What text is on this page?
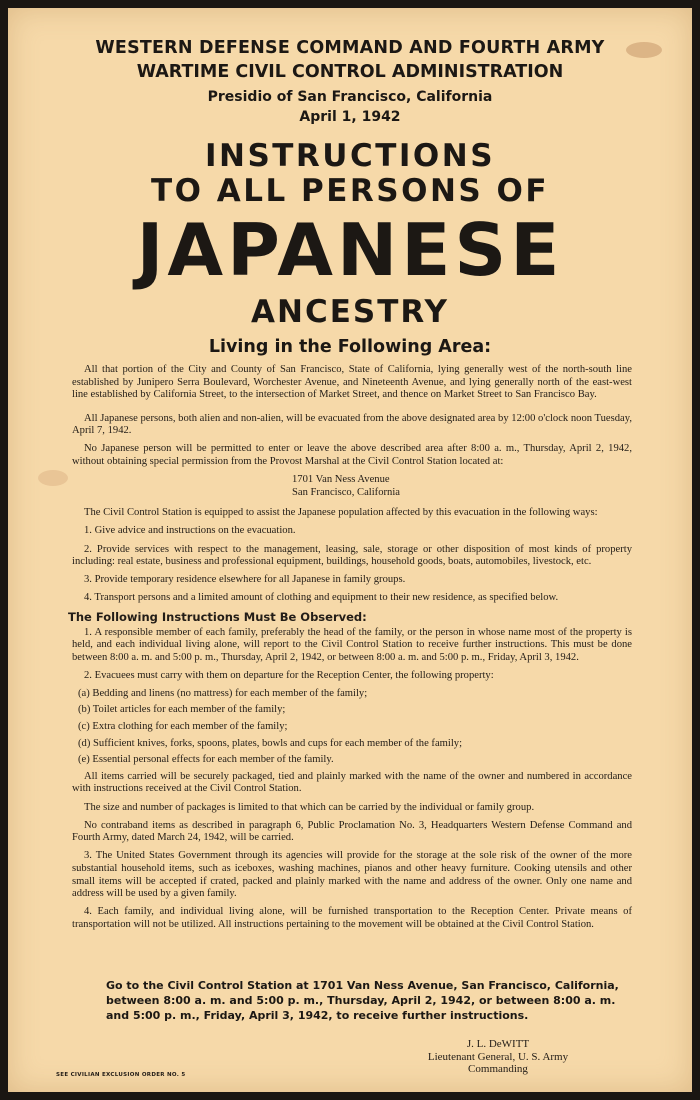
WESTERN DEFENSE COMMAND AND FOURTH ARMY
WARTIME CIVIL CONTROL ADMINISTRATION
Presidio of San Francisco, California
April 1, 1942
INSTRUCTIONS
TO ALL PERSONS OF
JAPANESE
ANCESTRY
Living in the Following Area:

All that portion of the City and County of San Francisco, State of California, lying generally west of the north-south line established by Junipero Serra Boulevard, Worchester Avenue, and Nineteenth Avenue, and lying generally north of the east-west line established by California Street, to the intersection of Market Street, and thence on Market Street to San Francisco Bay.

All Japanese persons, both alien and non-alien, will be evacuated from the above designated area by 12:00 o'clock noon Tuesday, April 7, 1942.

No Japanese person will be permitted to enter or leave the above described area after 8:00 a. m., Thursday, April 2, 1942, without obtaining special permission from the Provost Marshal at the Civil Control Station located at:

1701 Van Ness Avenue
San Francisco, California

The Civil Control Station is equipped to assist the Japanese population affected by this evacuation in the following ways:

1. Give advice and instructions on the evacuation.

2. Provide services with respect to the management, leasing, sale, storage or other disposition of most kinds of property including: real estate, business and professional equipment, buildings, household goods, boats, automobiles, livestock, etc.

3. Provide temporary residence elsewhere for all Japanese in family groups.

4. Transport persons and a limited amount of clothing and equipment to their new residence, as specified below.

The Following Instructions Must Be Observed:

1. A responsible member of each family, preferably the head of the family, or the person in whose name most of the property is held, and each individual living alone, will report to the Civil Control Station to receive further instructions. This must be done between 8:00 a. m. and 5:00 p. m., Thursday, April 2, 1942, or between 8:00 a. m. and 5:00 p. m., Friday, April 3, 1942.

2. Evacuees must carry with them on departure for the Reception Center, the following property:

(a) Bedding and linens (no mattress) for each member of the family;

(b) Toilet articles for each member of the family;

(c) Extra clothing for each member of the family;

(d) Sufficient knives, forks, spoons, plates, bowls and cups for each member of the family;

(e) Essential personal effects for each member of the family.

All items carried will be securely packaged, tied and plainly marked with the name of the owner and numbered in accordance with instructions received at the Civil Control Station.

The size and number of packages is limited to that which can be carried by the individual or family group.

No contraband items as described in paragraph 6, Public Proclamation No. 3, Headquarters Western Defense Command and Fourth Army, dated March 24, 1942, will be carried.

3. The United States Government through its agencies will provide for the storage at the sole risk of the owner of the more substantial household items, such as iceboxes, washing machines, pianos and other heavy furniture. Cooking utensils and other small items will be accepted if crated, packed and plainly marked with the name and address of the owner. Only one name and address will be used by a given family.

4. Each family, and individual living alone, will be furnished transportation to the Reception Center. Private means of transportation will not be utilized. All instructions pertaining to the movement will be obtained at the Civil Control Station.

Go to the Civil Control Station at 1701 Van Ness Avenue, San Francisco, California, between 8:00 a. m. and 5:00 p. m., Thursday, April 2, 1942, or between 8:00 a. m. and 5:00 p. m., Friday, April 3, 1942, to receive further instructions.
J. L. DeWITT
Lieutenant General, U. S. Army
Commanding
SEE CIVILIAN EXCLUSION ORDER NO. 5
